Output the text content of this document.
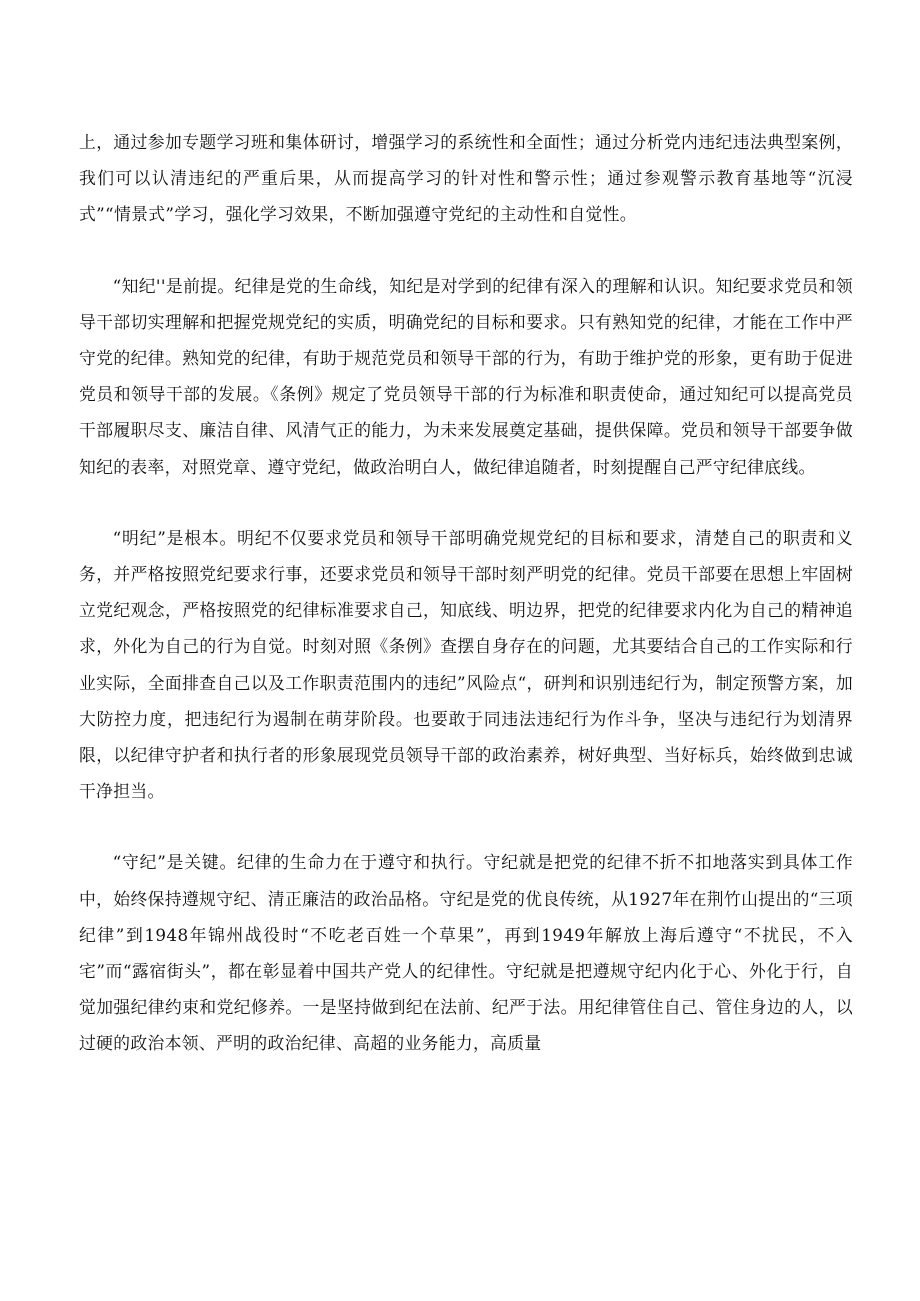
上，通过参加专题学习班和集体研讨，增强学习的系统性和全面性；通过分析党内违纪违法典型案例，我们可以认清违纪的严重后果，从而提高学习的针对性和警示性；通过参观警示教育基地等“沉浸式”“情景式”学习，强化学习效果，不断加强遵守党纪的主动性和自觉性。

“知纪''是前提。纪律是党的生命线，知纪是对学到的纪律有深入的理解和认识。知纪要求党员和领导干部切实理解和把握党规党纪的实质，明确党纪的目标和要求。只有熟知党的纪律，才能在工作中严守党的纪律。熟知党的纪律，有助于规范党员和领导干部的行为，有助于维护党的形象，更有助于促进党员和领导干部的发展。《条例》规定了党员领导干部的行为标准和职责使命，通过知纪可以提高党员干部履职尽支、廉洁自律、风清气正的能力，为未来发展奠定基础，提供保障。党员和领导干部要争做知纪的表率，对照党章、遵守党纪，做政治明白人，做纪律追随者，时刻提醒自己严守纪律底线。

“明纪”是根本。明纪不仅要求党员和领导干部明确党规党纪的目标和要求，清楚自己的职责和义务，并严格按照党纪要求行事，还要求党员和领导干部时刻严明党的纪律。党员干部要在思想上牢固树立党纪观念，严格按照党的纪律标准要求自己，知底线、明边界，把党的纪律要求内化为自己的精神追求，外化为自己的行为自觉。时刻对照《条例》查摆自身存在的问题，尤其要结合自己的工作实际和行业实际，全面排查自己以及工作职责范围内的违纪”风险点“，研判和识别违纪行为，制定预警方案，加大防控力度，把违纪行为遏制在萌芽阶段。也要敢于同违法违纪行为作斗争，坚决与违纪行为划清界限，以纪律守护者和执行者的形象展现党员领导干部的政治素养，树好典型、当好标兵，始终做到忠诚干净担当。

“守纪”是关键。纪律的生命力在于遵守和执行。守纪就是把党的纪律不折不扣地落实到具体工作中，始终保持遵规守纪、清正廉洁的政治品格。守纪是党的优良传统，从1927年在荆竹山提出的“三项纪律”到1948年锦州战役时“不吃老百姓一个草果”，再到1949年解放上海后遵守“不扰民，不入宅”而“露宿街头”，都在彰显着中国共产党人的纪律性。守纪就是把遵规守纪内化于心、外化于行，自觉加强纪律约束和党纪修养。一是坚持做到纪在法前、纪严于法。用纪律管住自己、管住身边的人，以过硬的政治本领、严明的政治纪律、高超的业务能力，高质量
